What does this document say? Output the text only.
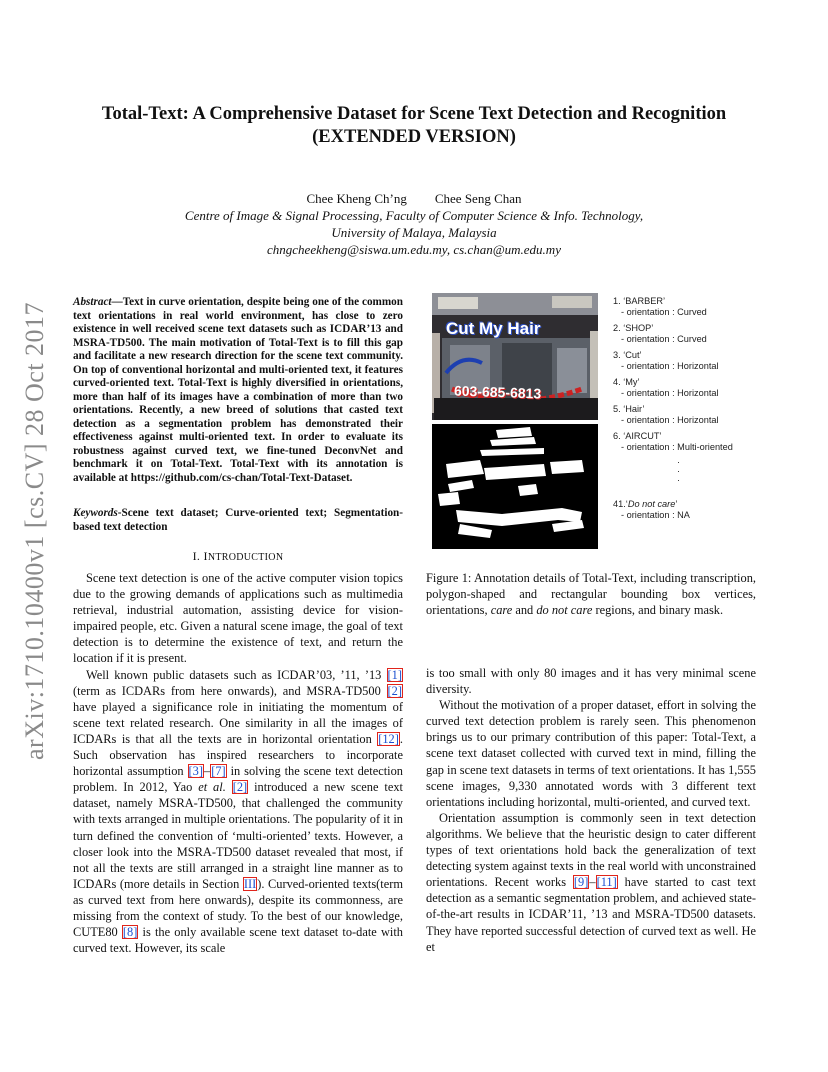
arXiv:1710.10400v1 [cs.CV] 28 Oct 2017
Total-Text: A Comprehensive Dataset for Scene Text Detection and Recognition
(EXTENDED VERSION)
Chee Kheng Ch’ng Chee Seng Chan
Centre of Image & Signal Processing, Faculty of Computer Science & Info. Technology,
University of Malaya, Malaysia
chngcheekheng@siswa.um.edu.my, cs.chan@um.edu.my
Abstract—Text in curve orientation, despite being one of the common text orientations in real world environment, has close to zero existence in well received scene text datasets such as ICDAR’13 and MSRA-TD500. The main motivation of Total-Text is to fill this gap and facilitate a new research direction for the scene text community. On top of conventional horizontal and multi-oriented text, it features curved-oriented text. Total-Text is highly diversified in orientations, more than half of its images have a combination of more than two orientations. Recently, a new breed of solutions that casted text detection as a segmentation problem has demonstrated their effectiveness against multi-oriented text. In order to evaluate its robustness against curved text, we fine-tuned DeconvNet and benchmark it on Total-Text. Total-Text with its annotation is available at https://github.com/cs-chan/Total-Text-Dataset.
Keywords-Scene text dataset; Curve-oriented text; Segmentation-based text detection
I. INTRODUCTION

Scene text detection is one of the active computer vision topics due to the growing demands of applications such as multimedia retrieval, industrial automation, assisting device for vision-impaired people, etc. Given a natural scene image, the goal of text detection is to determine the existence of text, and return the location if it is present.

Well known public datasets such as ICDAR’03, ’11, ’13 [1] (term as ICDARs from here onwards), and MSRA-TD500 [2] have played a significance role in initiating the momentum of scene text related research. One similarity in all the images of ICDARs is that all the texts are in horizontal orientation [12]. Such observation has inspired researchers to incorporate horizontal assumption [3]–[7] in solving the scene text detection problem. In 2012, Yao et al. [2] introduced a new scene text dataset, namely MSRA-TD500, that challenged the community with texts arranged in multiple orientations. The popularity of it in turn defined the convention of ‘multi-oriented’ texts. However, a closer look into the MSRA-TD500 dataset revealed that most, if not all the texts are still arranged in a straight line manner as to ICDARs (more details in Section III). Curved-oriented texts(term as curved text from here onwards), despite its commonness, are missing from the context of study. To the best of our knowledge, CUTE80 [8] is the only available scene text dataset to-date with curved text. However, its scale

Cut My Hair
603-685-6813
1. ‘BARBER’
- orientation : Curved
2. ‘SHOP’
- orientation : Curved
3. ‘Cut’
- orientation : Horizontal
4. ‘My’
- orientation : Horizontal
5. ‘Hair’
- orientation : Horizontal
6. ‘AIRCUT’
- orientation : Multi-oriented
·
·
·
41.‘Do not care’
- orientation : NA
Figure 1: Annotation details of Total-Text, including transcription, polygon-shaped and rectangular bounding box vertices, orientations, care and do not care regions, and binary mask.

is too small with only 80 images and it has very minimal scene diversity.

Without the motivation of a proper dataset, effort in solving the curved text detection problem is rarely seen. This phenomenon brings us to our primary contribution of this paper: Total-Text, a scene text dataset collected with curved text in mind, filling the gap in scene text datasets in terms of text orientations. It has 1,555 scene images, 9,330 annotated words with 3 different text orientations including horizontal, multi-oriented, and curved text.

Orientation assumption is commonly seen in text detection algorithms. We believe that the heuristic design to cater different types of text orientations hold back the generalization of text detecting system against texts in the real world with unconstrained orientations. Recent works [9]–[11] have started to cast text detection as a semantic segmentation problem, and achieved state-of-the-art results in ICDAR’11, ’13 and MSRA-TD500 datasets. They have reported successful detection of curved text as well. He et
